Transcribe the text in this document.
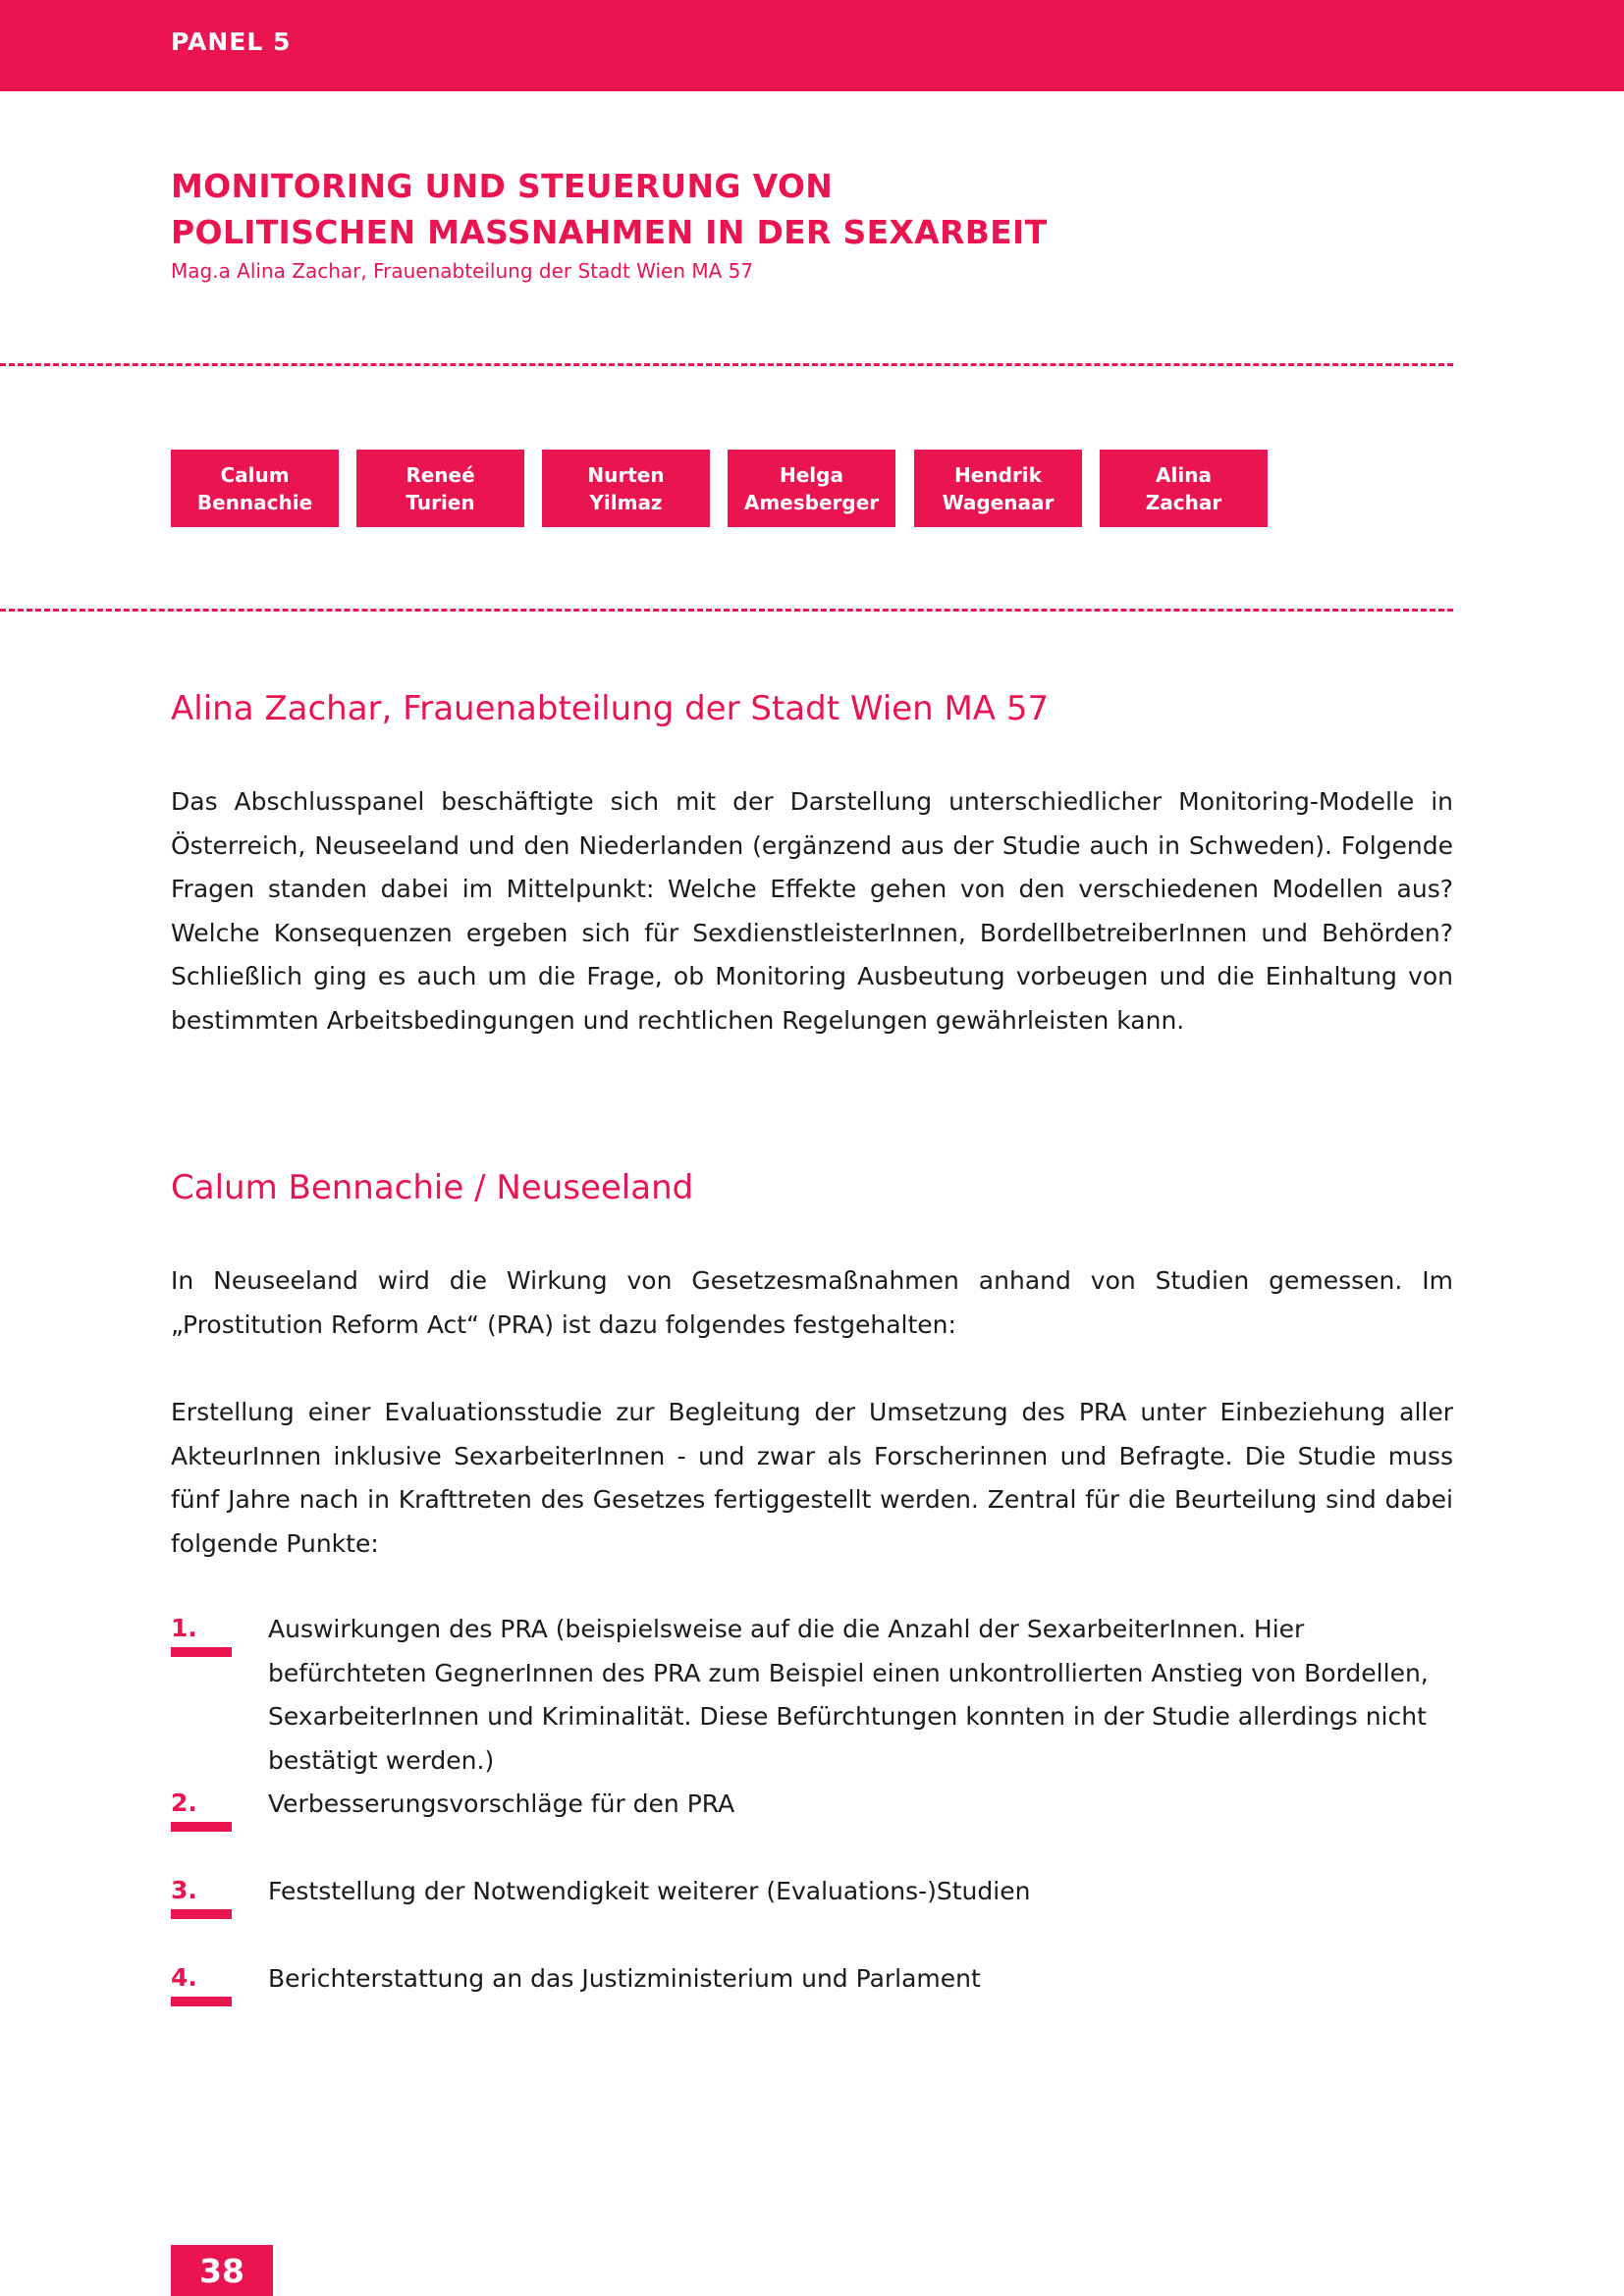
PANEL 5
MONITORING UND STEUERUNG VON
POLITISCHEN MASSNAHMEN IN DER SEXARBEIT
Mag.a Alina Zachar, Frauenabteilung der Stadt Wien MA 57
Calum
Bennachie
Reneé
Turien
Nurten
Yilmaz
Helga
Amesberger
Hendrik
Wagenaar
Alina
Zachar
Alina Zachar, Frauenabteilung der Stadt Wien MA 57

Das Abschlusspanel beschäftigte sich mit der Darstellung unterschiedlicher Monitoring-Modelle in Österreich, Neuseeland und den Niederlanden (ergänzend aus der Studie auch in Schweden). Folgende Fragen standen dabei im Mittelpunkt: Welche Effekte gehen von den verschiedenen Modellen aus? Welche Konsequenzen ergeben sich für SexdienstleisterInnen, BordellbetreiberInnen und Behörden? Schließlich ging es auch um die Frage, ob Monitoring Ausbeutung vorbeugen und die Einhaltung von bestimmten Arbeitsbedingungen und rechtlichen Regelungen gewährleisten kann.

Calum Bennachie / Neuseeland

In Neuseeland wird die Wirkung von Gesetzesmaßnahmen anhand von Studien gemessen. Im „Prostitution Reform Act“ (PRA) ist dazu folgendes festgehalten:

Erstellung einer Evaluationsstudie zur Begleitung der Umsetzung des PRA unter Einbeziehung aller AkteurInnen inklusive SexarbeiterInnen - und zwar als Forscherinnen und Befragte. Die Studie muss fünf Jahre nach in Krafttreten des Gesetzes fertiggestellt werden. Zentral für die Beurteilung sind dabei folgende Punkte:

1.	Auswirkungen des PRA (beispielsweise auf die die Anzahl der SexarbeiterInnen. Hier befürchteten GegnerInnen des PRA zum Beispiel einen unkontrollierten Anstieg von Bordellen, SexarbeiterInnen und Kriminalität. Diese Befürchtungen konnten in der Studie allerdings nicht bestätigt werden.)

2.	Verbesserungsvorschläge für den PRA

3.	Feststellung der Notwendigkeit weiterer (Evaluations-)Studien

4.	Berichterstattung an das Justizministerium und Parlament

38
